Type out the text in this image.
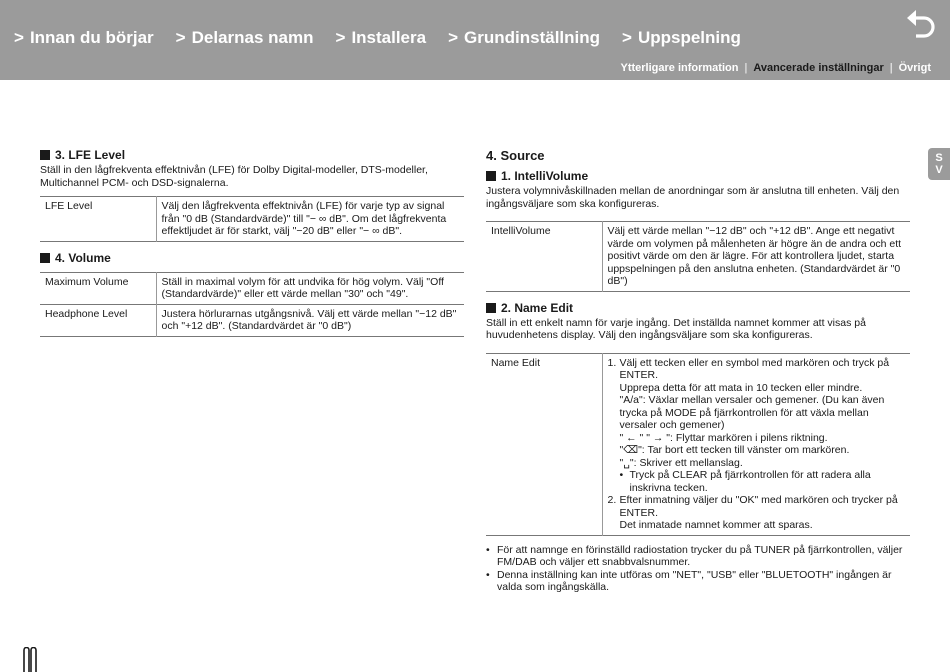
> Innan du börjar > Delarnas namn > Installera > Grundinställning > Uppspelning
Ytterligare information | Avancerade inställningar | Övrigt
S
V
3. LFE Level

Ställ in den lågfrekventa effektnivån (LFE) för Dolby Digital-modeller, DTS-modeller, Multichannel PCM- och DSD-signalerna.

LFE Level	Välj den lågfrekventa effektnivån (LFE) för varje typ av signal från "0 dB (Standardvärde)" till "− ∞ dB". Om det lågfrekventa effektljudet är för starkt, välj "−20 dB" eller "− ∞ dB".
4. Volume
Maximum Volume	Ställ in maximal volym för att undvika för hög volym. Välj "Off (Standardvärde)" eller ett värde mellan "30" och "49".
Headphone Level	Justera hörlurarnas utgångsnivå. Välj ett värde mellan "−12 dB" och "+12 dB". (Standardvärdet är "0 dB")
4. Source
1. IntelliVolume

Justera volymnivåskillnaden mellan de anordningar som är anslutna till enheten. Välj den ingångsväljare som ska konfigureras.

IntelliVolume	Välj ett värde mellan "−12 dB" och "+12 dB". Ange ett negativt värde om volymen på målenheten är högre än de andra och ett positivt värde om den är lägre. För att kontrollera ljudet, starta uppspelningen på den anslutna enheten. (Standardvärdet är "0 dB")
2. Name Edit

Ställ in ett enkelt namn för varje ingång. Det inställda namnet kommer att visas på huvudenhetens display. Välj den ingångsväljare som ska konfigureras.

Name Edit	1. Välj ett tecken eller en symbol med markören och tryck på ENTER.
Upprepa detta för att mata in 10 tecken eller mindre.
"A/a": Växlar mellan versaler och gemener. (Du kan även trycka på MODE på fjärrkontrollen för att växla mellan versaler och gemener)
" ← " " → ": Flyttar markören i pilens riktning.
"⌫": Tar bort ett tecken till vänster om markören.
"␣": Skriver ett mellanslag.
• Tryck på CLEAR på fjärrkontrollen för att radera alla inskrivna tecken.
2. Efter inmatning väljer du "OK" med markören och trycker på ENTER.
Det inmatade namnet kommer att sparas.
• För att namnge en förinställd radiostation trycker du på TUNER på fjärrkontrollen, väljer FM/DAB och väljer ett snabbvalsnummer.
• Denna inställning kan inte utföras om "NET", "USB" eller "BLUETOOTH" ingången är valda som ingångskälla.
